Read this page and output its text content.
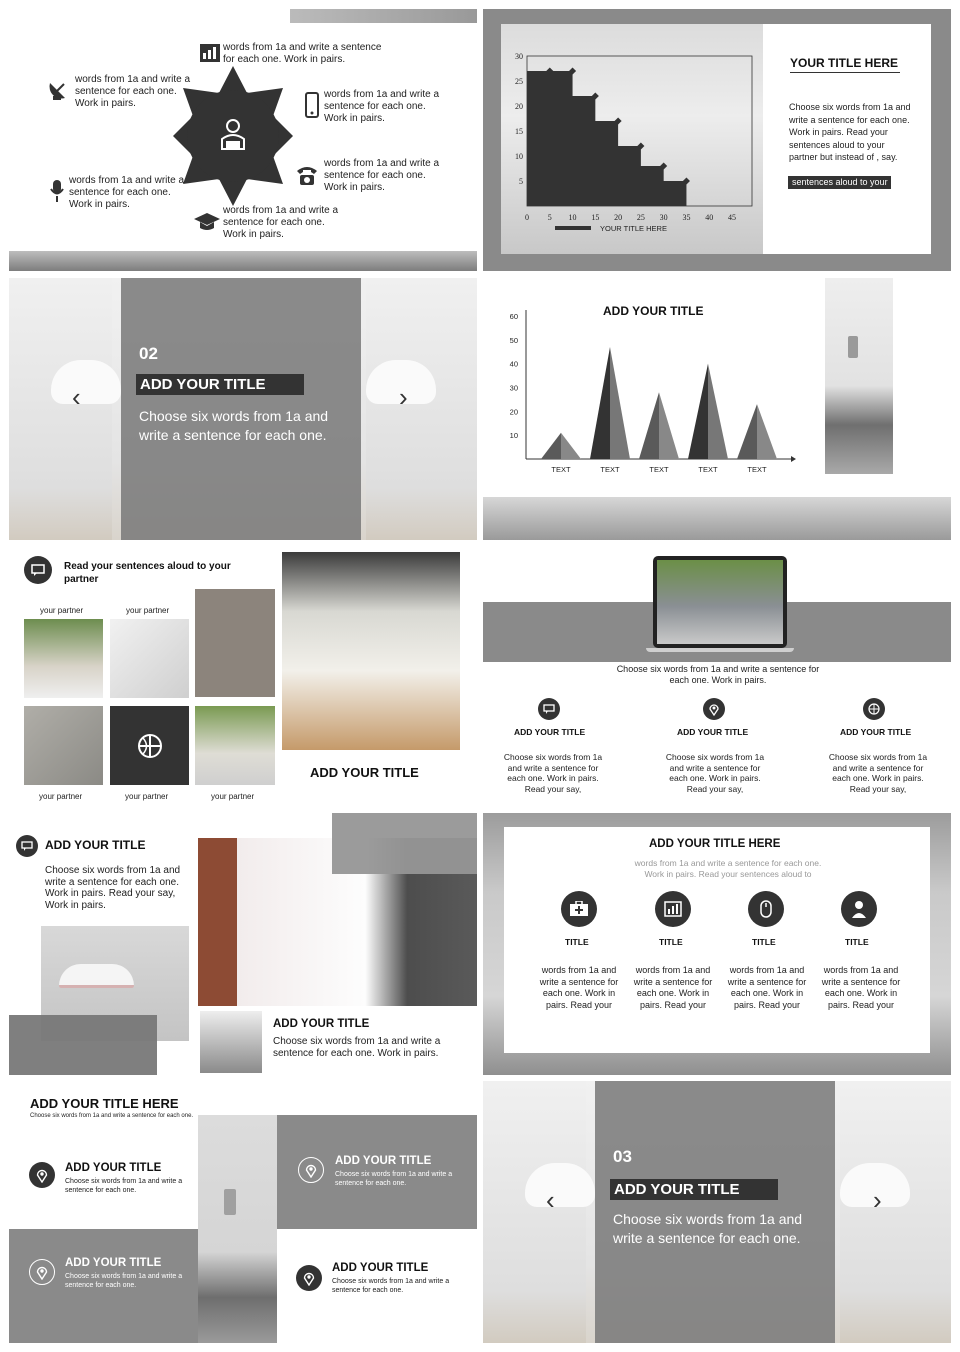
words from 1a and write a sentence for each one. Work in pairs.
words from 1a and write a sentence for each one. Work in pairs.
words from 1a and write a sentence for each one. Work in pairs.
words from 1a and write a sentence for each one. Work in pairs.
words from 1a and write a sentence for each one. Work in pairs.
words from 1a and write a sentence for each one. Work in pairs.
5
10
15
20
25
30
0 5 10 15 20 25 30 35 40 45
YOUR TITLE HERE
YOUR TITLE HERE
Choose six words from 1a and write a sentence for each one. Work in pairs. Read your sentences aloud to your partner but instead of , say.
sentences aloud to your
‹	›
02
ADD YOUR TITLE
Choose six words from 1a and write a sentence for each one.
ADD YOUR TITLE
10
20
30
40
50
60
TEXT	TEXT	TEXT	TEXT	TEXT
Read your sentences aloud to your partner
your partner	your partner
your partner	your partner	your partner
ADD YOUR TITLE
Choose six words from 1a and write a sentence for each one. Work in pairs.
ADD YOUR TITLE
Choose six words from 1a and write a sentence for each one. Work in pairs. Read your say,
ADD YOUR TITLE
Choose six words from 1a and write a sentence for each one. Work in pairs. Read your say,
ADD YOUR TITLE
Choose six words from 1a and write a sentence for each one. Work in pairs. Read your say,
ADD YOUR TITLE
Choose six words from 1a and write a sentence for each one. Work in pairs. Read your say, Work in pairs.
ADD YOUR TITLE
Choose six words from 1a and write a sentence for each one. Work in pairs.
ADD YOUR TITLE HERE
words from 1a and write a sentence for each one. Work in pairs. Read your sentences aloud to
TITLE
words from 1a and write a sentence for each one. Work in pairs. Read your
TITLE
words from 1a and write a sentence for each one. Work in pairs. Read your
TITLE
words from 1a and write a sentence for each one. Work in pairs. Read your
TITLE
words from 1a and write a sentence for each one. Work in pairs. Read your
ADD YOUR TITLE HERE
Choose six words from 1a and write a sentence for each one.
ADD YOUR TITLE
Choose six words from 1a and write a sentence for each one.
ADD YOUR TITLE
Choose six words from 1a and write a sentence for each one.
ADD YOUR TITLE
Choose six words from 1a and write a sentence for each one.
ADD YOUR TITLE
Choose six words from 1a and write a sentence for each one.
‹	›
03
ADD YOUR TITLE
Choose six words from 1a and write a sentence for each one.
